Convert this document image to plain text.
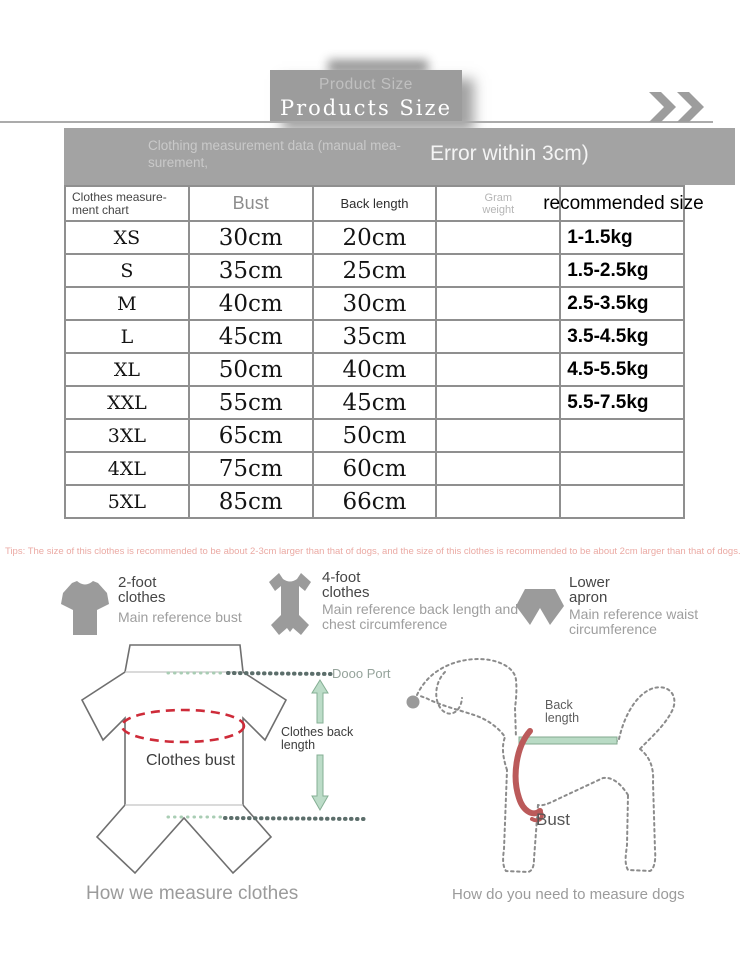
Product Size
Products Size
Clothing measurement data (manual mea-surement,	Error within 3cm)
Clothes measure-ment chart	Bust	Back length	Gram weight	recommended size
XS	30cm	20cm		1-1.5kg
S	35cm	25cm		1.5-2.5kg
M	40cm	30cm		2.5-3.5kg
L	45cm	35cm		3.5-4.5kg
XL	50cm	40cm		4.5-5.5kg
XXL	55cm	45cm		5.5-7.5kg
3XL	65cm	50cm		
4XL	75cm	60cm		
5XL	85cm	66cm		
Tips: The size of this clothes is recommended to be about 2-3cm larger than that of dogs, and the size of this clothes is recommended to be about 2cm larger than that of dogs.
2-foot clothes
Main reference bust
4-foot clothes
Main reference back length and chest circumference
Lower apron
Main reference waist circumference
Dooo Port
Clothes back length
Clothes bust
How we measure clothes
Back length
Bust
How do you need to measure dogs
